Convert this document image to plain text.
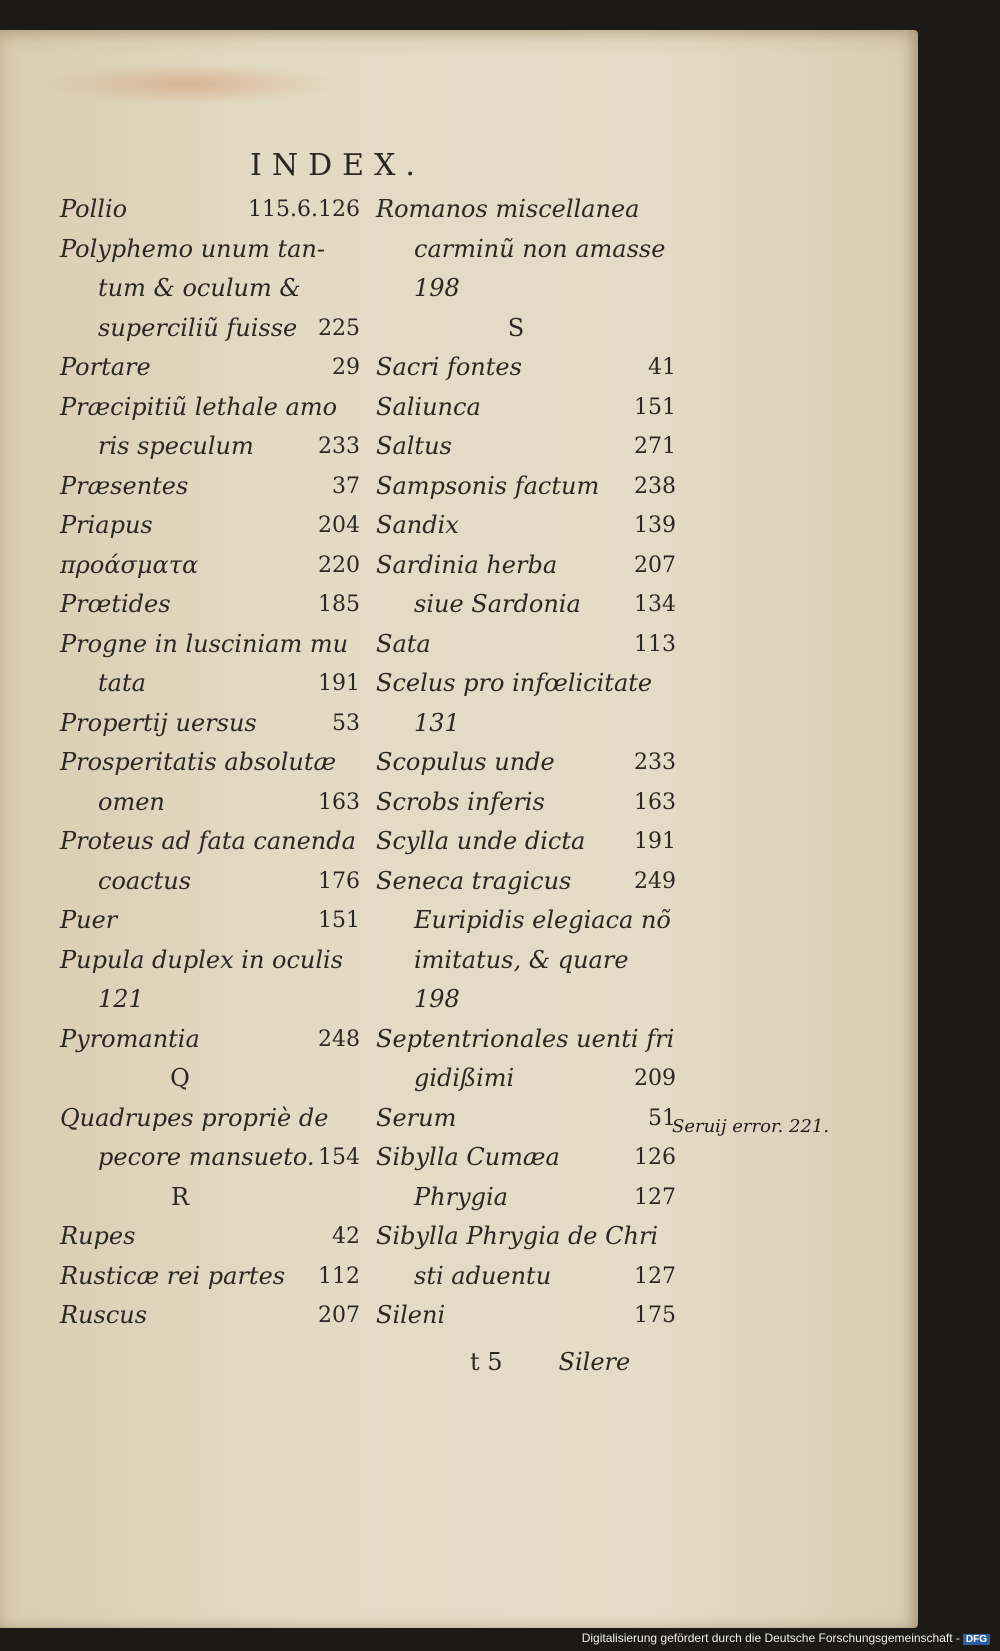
INDEX.
Pollio	115.6.126
Polyphemo unum tan-
tum & oculum &
superciliũ fuisse 225
Portare	29
Præcipitiũ lethale amo
ris speculum	233
Præsentes	37
Priapus	204
προάσματα	220
Prœtides	185
Progne in lusciniam mu
tata	191
Propertij uersus	53
Prosperitatis absolutæ
omen	163
Proteus ad fata canenda
coactus	176
Puer	151
Pupula duplex in oculis
121
Pyromantia	248
Q
Quadrupes propriè de
pecore mansueto. 154
R
Rupes	42
Rusticæ rei partes 112
Ruscus	207
Romanos miscellanea
carminũ non amasse
198
S
Sacri fontes	41
Saliunca	151
Saltus	271
Sampsonis factum 238
Sandix	139
Sardinia herba	207
siue Sardonia 134
Sata	113
Scelus pro infœlicitate
131
Scopulus unde	233
Scrobs inferis	163
Scylla unde dicta 191
Seneca tragicus	249
Euripidis elegiaca nõ
imitatus, & quare
198
Septentrionales uenti fri
gidißimi	209
Serum	51
Sibylla Cumæa	126
Phrygia	127
Sibylla Phrygia de Chri
sti aduentu	127
Sileni	175
Seruij error. 221.
t 5 Silere
Digitalisierung gefördert durch die Deutsche Forschungsgemeinschaft - DFG
